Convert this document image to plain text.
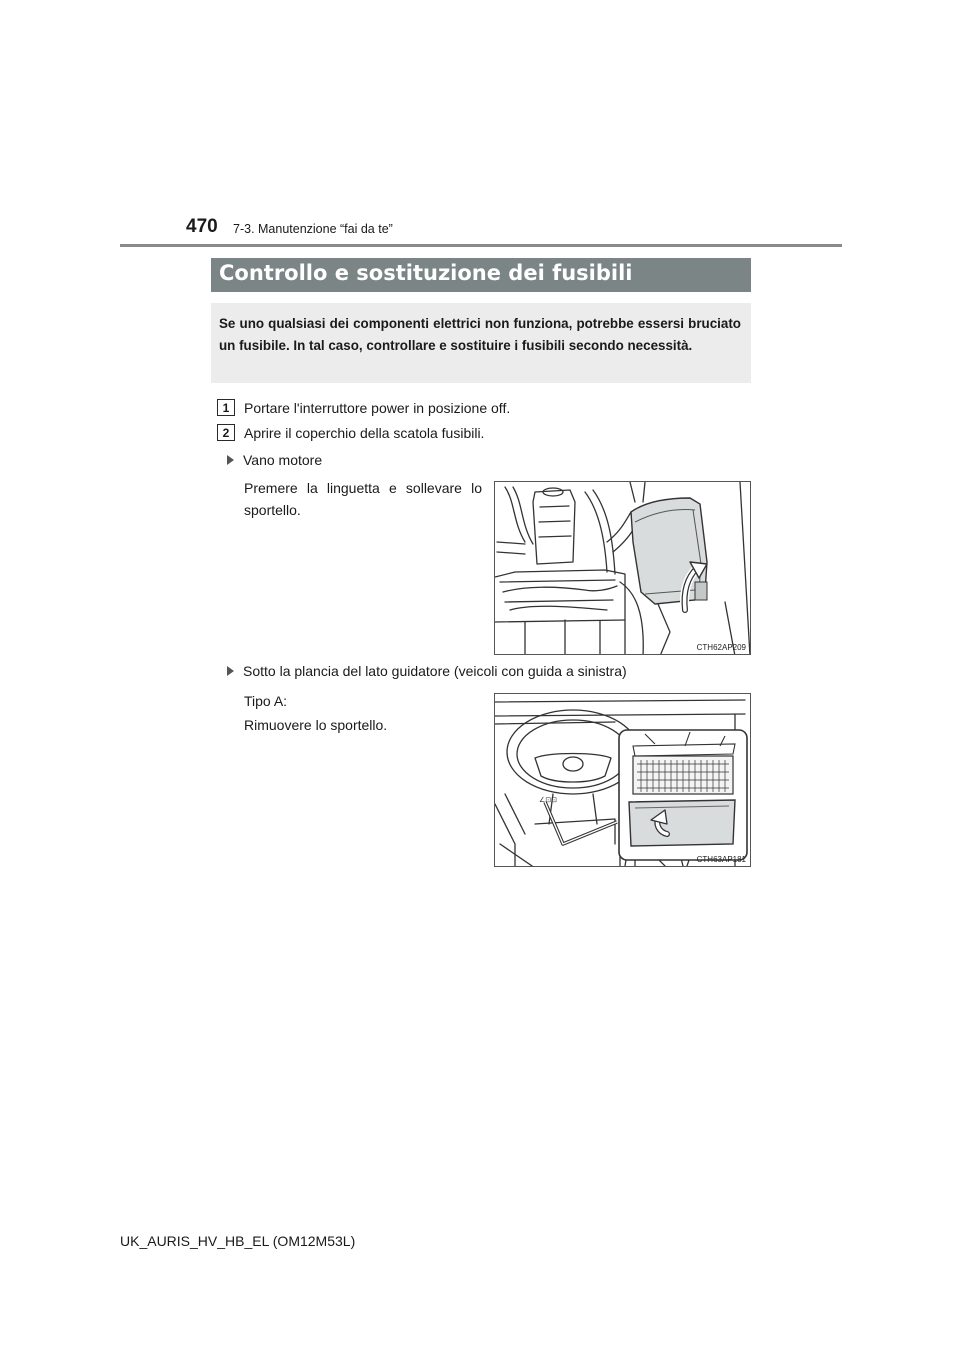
470 7-3. Manutenzione “fai da te”
Controllo e sostituzione dei fusibili

Se uno qualsiasi dei componenti elettrici non funziona, potrebbe essersi bruciato un fusibile. In tal caso, controllare e sostituire i fusibili secondo necessità.

1	Portare l'interruttore power in posizione off.
2	Aprire il coperchio della scatola fusibili.
Vano motore
Premere la linguetta e sollevare lo sportello.
CTH62AP209
Sotto la plancia del lato guidatore (veicoli con guida a sinistra)
Tipo A:
Rimuovere lo sportello.
∠⊡⊡
CTH63AP181
UK_AURIS_HV_HB_EL (OM12M53L)
